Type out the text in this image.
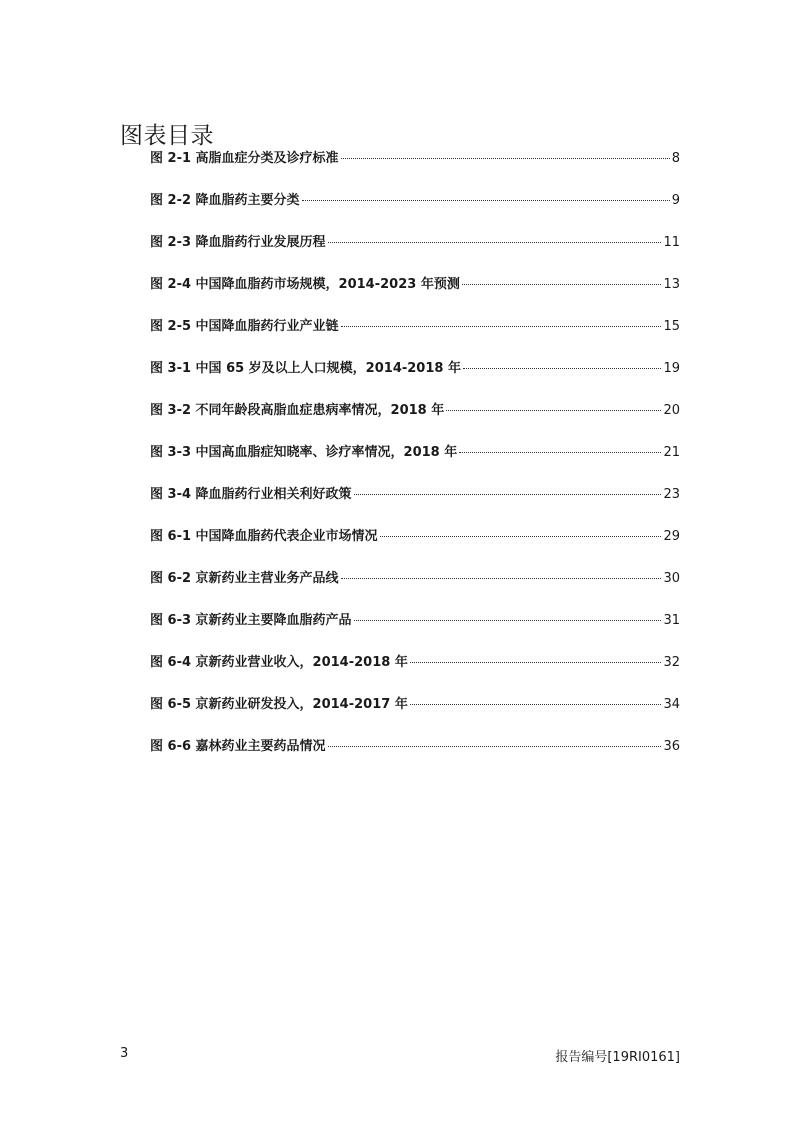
图表目录
图 2-1 高脂血症分类及诊疗标准	8
图 2-2 降血脂药主要分类	9
图 2-3 降血脂药行业发展历程	11
图 2-4 中国降血脂药市场规模，2014-2023 年预测	13
图 2-5 中国降血脂药行业产业链	15
图 3-1 中国 65 岁及以上人口规模，2014-2018 年	19
图 3-2 不同年龄段高脂血症患病率情况，2018 年	20
图 3-3 中国高血脂症知晓率、诊疗率情况，2018 年	21
图 3-4 降血脂药行业相关利好政策	23
图 6-1 中国降血脂药代表企业市场情况	29
图 6-2 京新药业主营业务产品线	30
图 6-3 京新药业主要降血脂药产品	31
图 6-4 京新药业营业收入，2014-2018 年	32
图 6-5 京新药业研发投入，2014-2017 年	34
图 6-6 嘉林药业主要药品情况	36
3	报告编号[19RI0161]
